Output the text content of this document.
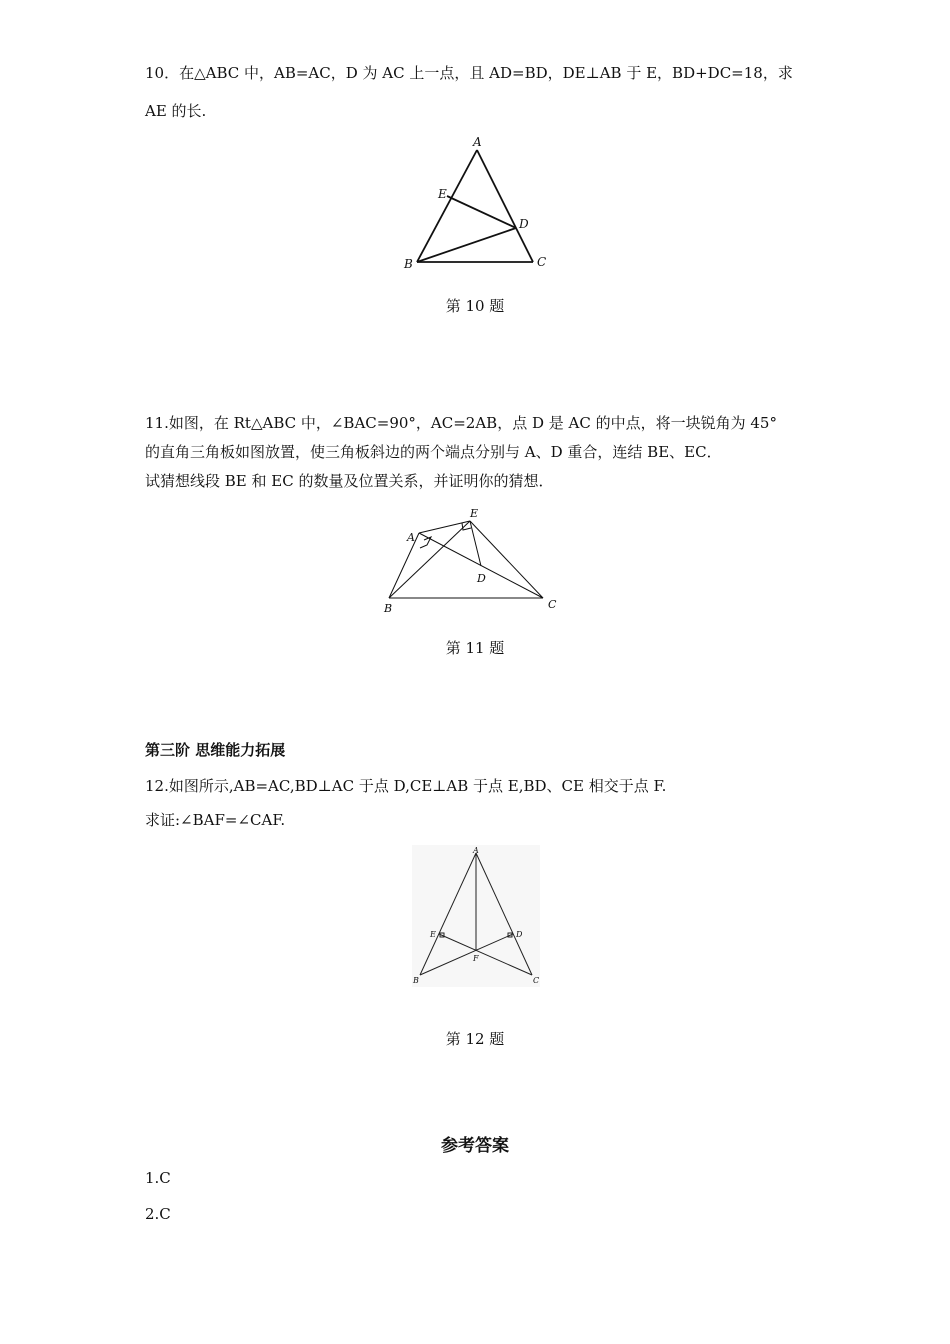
10．在△ABC 中，AB=AC，D 为 AC 上一点，且 AD=BD，DE⊥AB 于 E，BD+DC=18，求
AE 的长.
A
E
D
B	C
第 10 题
11.如图，在 Rt△ABC 中，∠BAC=90°，AC=2AB，点 D 是 AC 的中点，将一块锐角为 45°
的直角三角板如图放置，使三角板斜边的两个端点分别与 A、D 重合，连结 BE、EC．
试猜想线段 BE 和 EC 的数量及位置关系，并证明你的猜想．
A
E
D
B	C
第 11 题
第三阶 思维能力拓展
12.如图所示,AB=AC,BD⊥AC 于点 D,CE⊥AB 于点 E,BD、CE 相交于点 F.
求证:∠BAF=∠CAF.
A
E	D
F
B	C
第 12 题
参考答案
1.C
2.C
